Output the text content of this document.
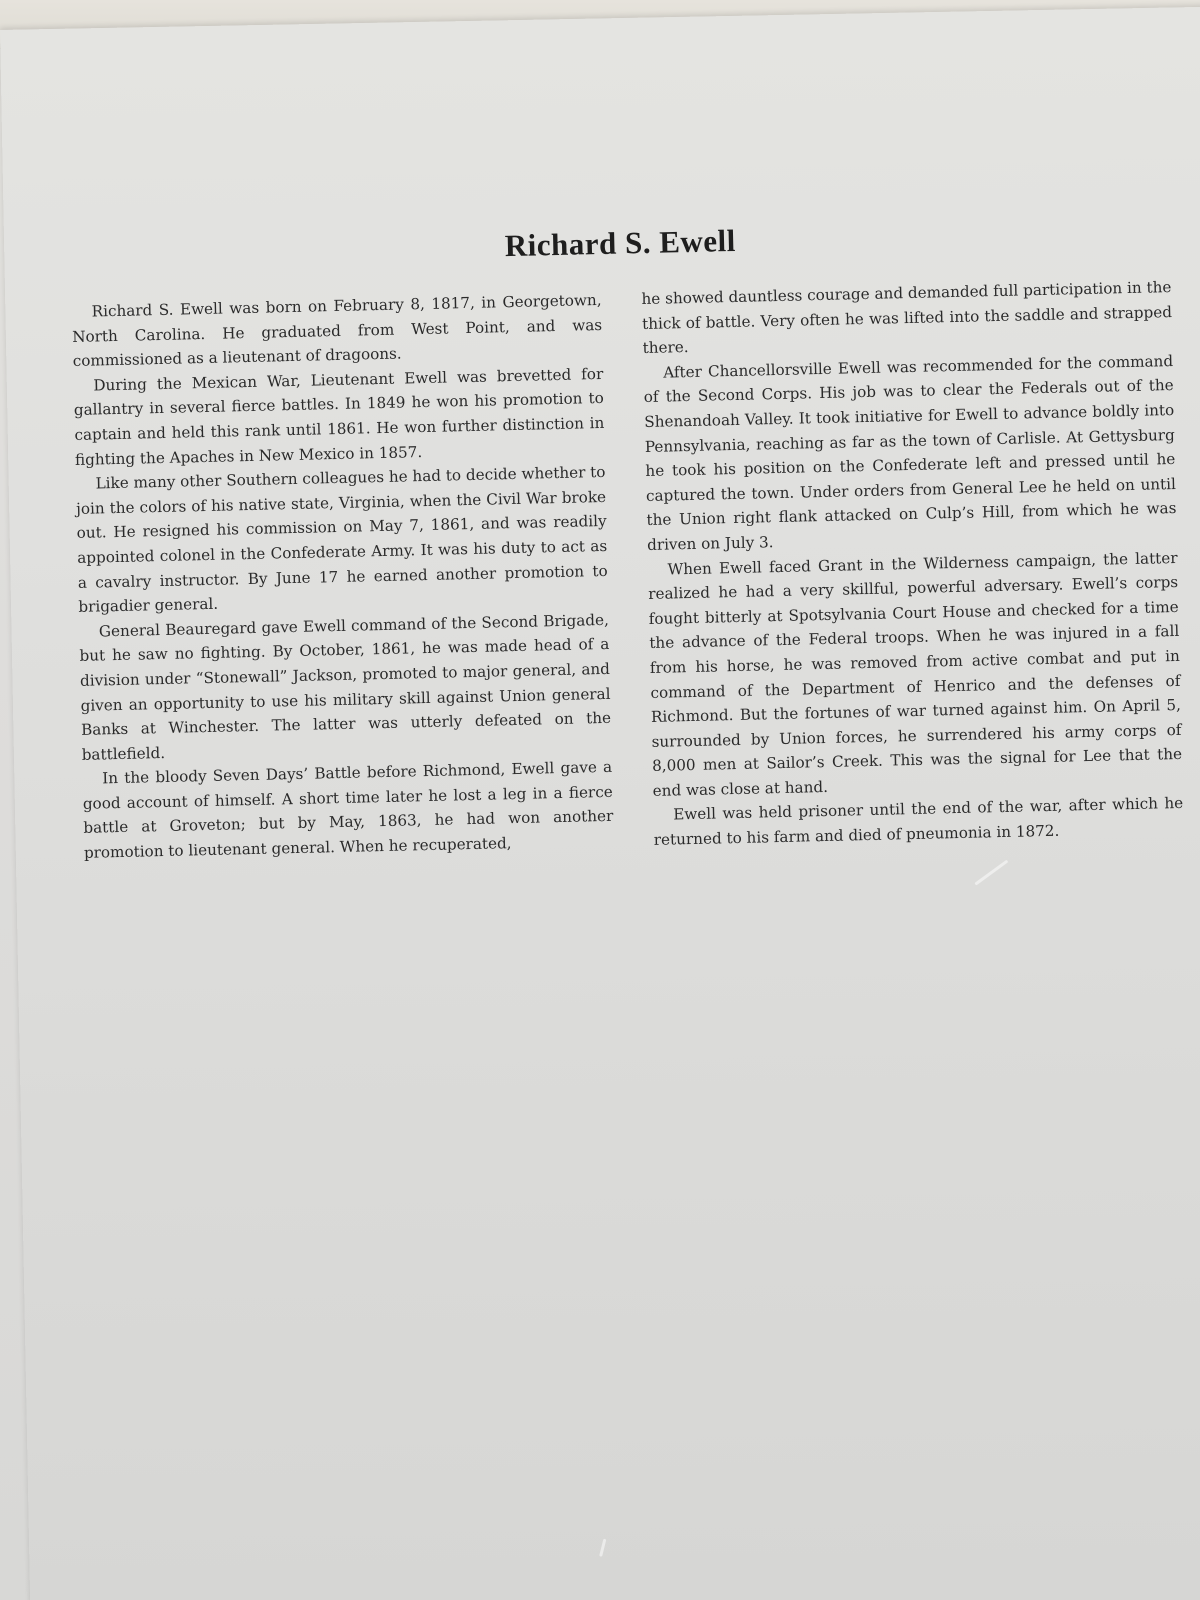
Richard S. Ewell

Richard S. Ewell was born on February 8, 1817, in Georgetown, North Carolina. He graduated from West Point, and was commissioned as a lieutenant of dragoons.

During the Mexican War, Lieutenant Ewell was brevetted for gallantry in several fierce battles. In 1849 he won his promotion to captain and held this rank until 1861. He won further distinction in fighting the Apaches in New Mexico in 1857.

Like many other Southern colleagues he had to decide whether to join the colors of his native state, Virginia, when the Civil War broke out. He resigned his commission on May 7, 1861, and was readily appointed colonel in the Confederate Army. It was his duty to act as a cavalry instructor. By June 17 he earned another promotion to brigadier general.

General Beauregard gave Ewell command of the Second Brigade, but he saw no fighting. By October, 1861, he was made head of a division under “Stonewall” Jackson, promoted to major general, and given an opportunity to use his military skill against Union general Banks at Winchester. The latter was utterly defeated on the battlefield.

In the bloody Seven Days’ Battle before Richmond, Ewell gave a good account of himself. A short time later he lost a leg in a fierce battle at Groveton; but by May, 1863, he had won another promotion to lieutenant general. When he recuperated,

he showed dauntless courage and demanded full participation in the thick of battle. Very often he was lifted into the saddle and strapped there.

After Chancellorsville Ewell was recommended for the command of the Second Corps. His job was to clear the Federals out of the Shenandoah Valley. It took initiative for Ewell to advance boldly into Pennsylvania, reaching as far as the town of Carlisle. At Gettysburg he took his position on the Confederate left and pressed until he captured the town. Under orders from General Lee he held on until the Union right flank attacked on Culp’s Hill, from which he was driven on July 3.

When Ewell faced Grant in the Wilderness campaign, the latter realized he had a very skillful, powerful adversary. Ewell’s corps fought bitterly at Spotsylvania Court House and checked for a time the advance of the Federal troops. When he was injured in a fall from his horse, he was removed from active combat and put in command of the Department of Henrico and the defenses of Richmond. But the fortunes of war turned against him. On April 5, surrounded by Union forces, he surrendered his army corps of 8,000 men at Sailor’s Creek. This was the signal for Lee that the end was close at hand.

Ewell was held prisoner until the end of the war, after which he returned to his farm and died of pneumonia in 1872.
